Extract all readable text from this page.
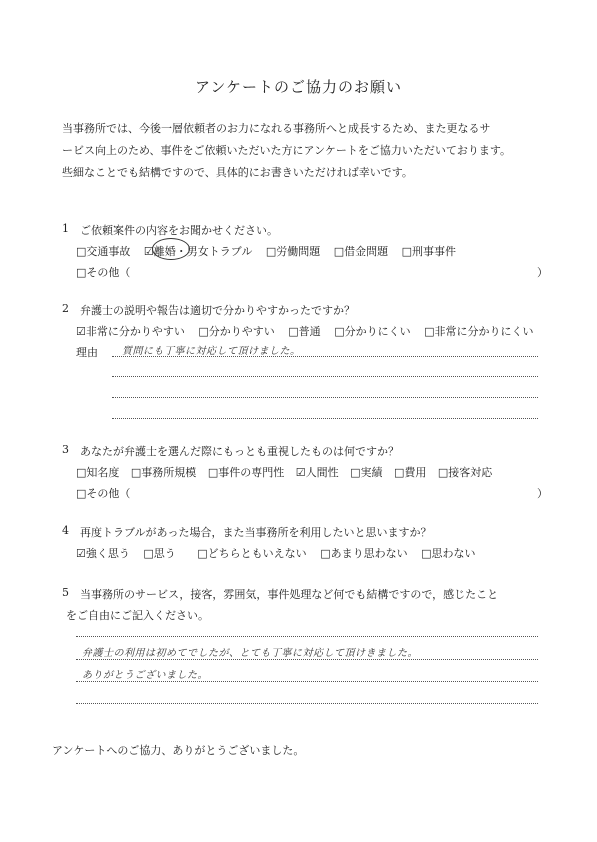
アンケートのご協力のお願い
当事務所では、今後一層依頼者のお力になれる事務所へと成長するため、また更なるサ
ービス向上のため、事件をご依頼いただいた方にアンケートをご協力いただいております。
些細なことでも結構ですので、具体的にお書きいただければ幸いです。
1 ご依頼案件の内容をお聞かせください。
□交通事故 ☑離婚・男女トラブル □労働問題 □借金問題 □刑事事件
□その他（	）
2 弁護士の説明や報告は適切で分かりやすかったですか？
☑非常に分かりやすい □分かりやすい □普通 □分かりにくい □非常に分かりにくい
理由 質問にも丁寧に対応して頂けました。
3 あなたが弁護士を選んだ際にもっとも重視したものは何ですか？
□知名度 □事務所規模 □事件の専門性 ☑人間性 □実績 □費用 □接客対応
□その他（	）
4 再度トラブルがあった場合，また当事務所を利用したいと思いますか？
☑強く思う □思う □どちらともいえない □あまり思わない □思わない
5 当事務所のサービス，接客，雰囲気，事件処理など何でも結構ですので，感じたこと
をご自由にご記入ください。
弁護士の利用は初めてでしたが、とても丁寧に対応して頂けきました。
ありがとうございました。
アンケートへのご協力、ありがとうございました。
